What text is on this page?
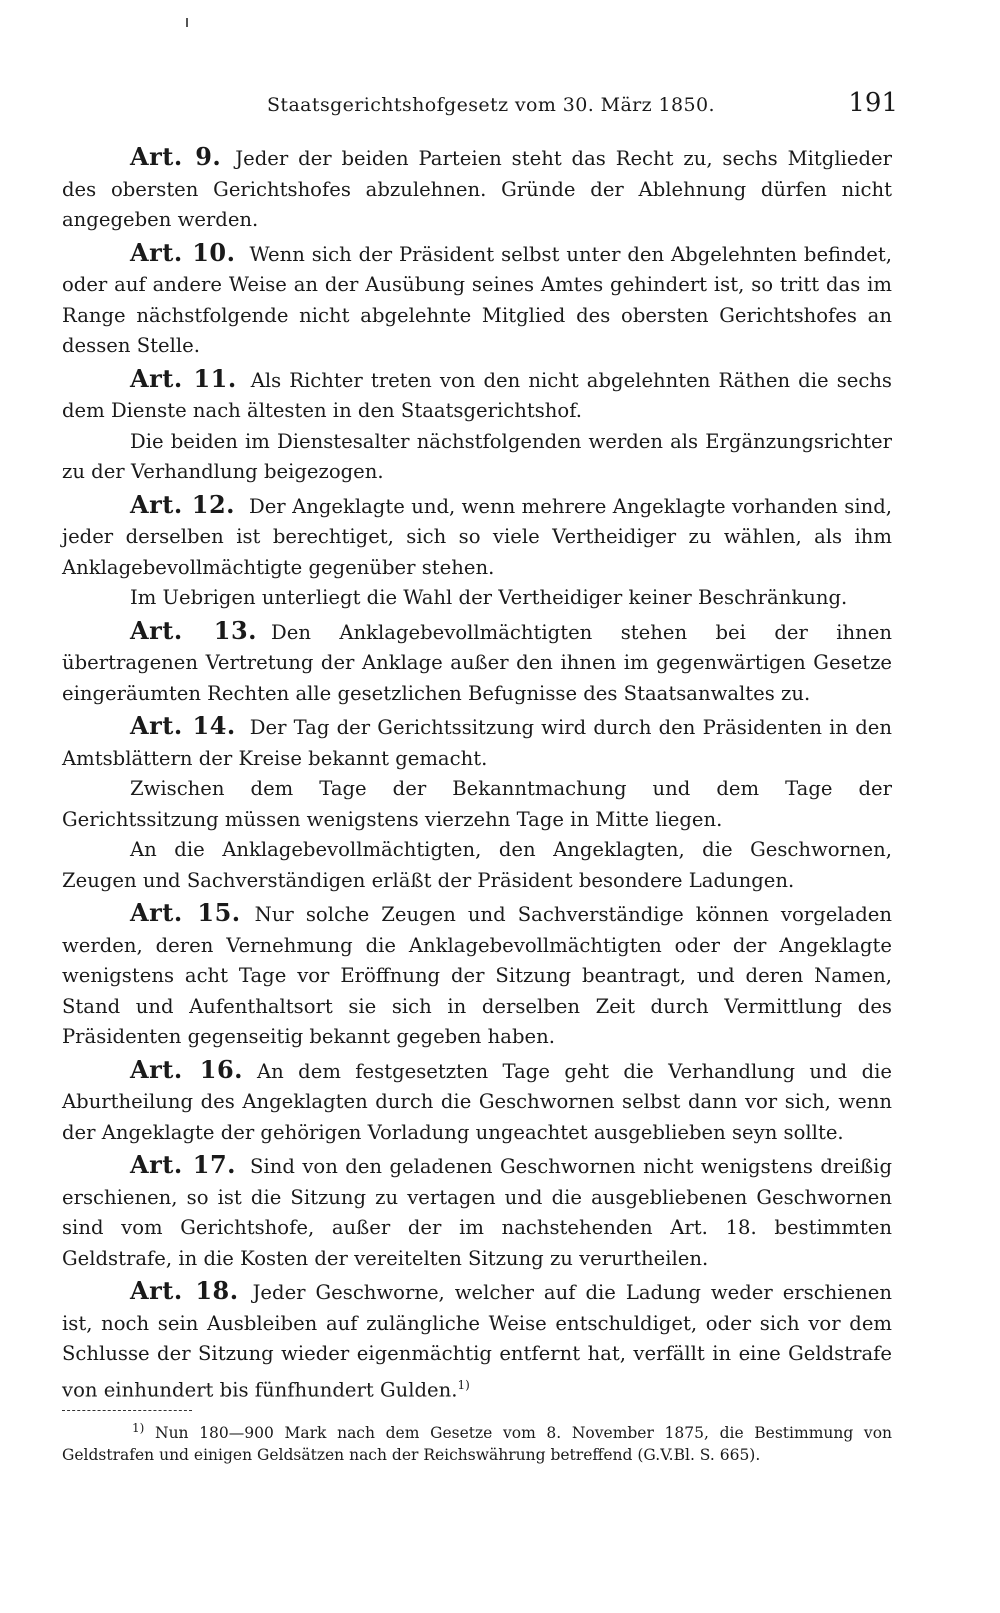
Staatsgerichtshofgesetz vom 30. März 1850.	191

Art. 9. Jeder der beiden Parteien steht das Recht zu, sechs Mitglieder des obersten Gerichtshofes abzulehnen. Gründe der Ablehnung dürfen nicht angegeben werden.

Art. 10. Wenn sich der Präsident selbst unter den Abgelehnten befindet, oder auf andere Weise an der Ausübung seines Amtes gehindert ist, so tritt das im Range nächstfolgende nicht abgelehnte Mitglied des obersten Gerichtshofes an dessen Stelle.

Art. 11. Als Richter treten von den nicht abgelehnten Räthen die sechs dem Dienste nach ältesten in den Staatsgerichtshof.

Die beiden im Dienstesalter nächstfolgenden werden als Ergänzungsrichter zu der Verhandlung beigezogen.

Art. 12. Der Angeklagte und, wenn mehrere Angeklagte vorhanden sind, jeder derselben ist berechtiget, sich so viele Vertheidiger zu wählen, als ihm Anklagebevollmächtigte gegenüber stehen.

Im Uebrigen unterliegt die Wahl der Vertheidiger keiner Beschränkung.

Art. 13. Den Anklagebevollmächtigten stehen bei der ihnen übertragenen Vertretung der Anklage außer den ihnen im gegenwärtigen Gesetze eingeräumten Rechten alle gesetzlichen Befugnisse des Staatsanwaltes zu.

Art. 14. Der Tag der Gerichtssitzung wird durch den Präsidenten in den Amtsblättern der Kreise bekannt gemacht.

Zwischen dem Tage der Bekanntmachung und dem Tage der Gerichtssitzung müssen wenigstens vierzehn Tage in Mitte liegen.

An die Anklagebevollmächtigten, den Angeklagten, die Geschwornen, Zeugen und Sachverständigen erläßt der Präsident besondere Ladungen.

Art. 15. Nur solche Zeugen und Sachverständige können vorgeladen werden, deren Vernehmung die Anklagebevollmächtigten oder der Angeklagte wenigstens acht Tage vor Eröffnung der Sitzung beantragt, und deren Namen, Stand und Aufenthaltsort sie sich in derselben Zeit durch Vermittlung des Präsidenten gegenseitig bekannt gegeben haben.

Art. 16. An dem festgesetzten Tage geht die Verhandlung und die Aburtheilung des Angeklagten durch die Geschwornen selbst dann vor sich, wenn der Angeklagte der gehörigen Vorladung ungeachtet ausgeblieben seyn sollte.

Art. 17. Sind von den geladenen Geschwornen nicht wenigstens dreißig erschienen, so ist die Sitzung zu vertagen und die ausgebliebenen Geschwornen sind vom Gerichtshofe, außer der im nachstehenden Art. 18. bestimmten Geldstrafe, in die Kosten der vereitelten Sitzung zu verurtheilen.

Art. 18. Jeder Geschworne, welcher auf die Ladung weder erschienen ist, noch sein Ausbleiben auf zulängliche Weise entschuldiget, oder sich vor dem Schlusse der Sitzung wieder eigenmächtig entfernt hat, verfällt in eine Geldstrafe von einhundert bis fünfhundert Gulden.$^{1)}$

$^{1)}$ Nun 180—900 Mark nach dem Gesetze vom 8. November 1875, die Bestimmung von Geldstrafen und einigen Geldsätzen nach der Reichswährung betreffend (G.V.Bl. S. 665).
